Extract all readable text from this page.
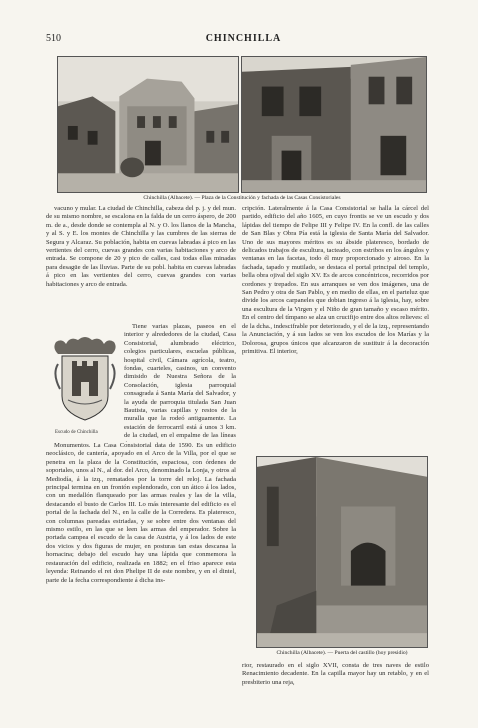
510	CHINCHILLA
Chinchilla (Albacete). — Plaza de la Constitución y fachada de las Casas Consistoriales

vacuno y mular. La ciudad de Chinchilla, cabeza del p. j. y del mun. de su mismo nombre, se escalona en la falda de un cerro áspero, de 200 m. de a., desde donde se contempla al N. y O. los llanos de la Mancha, y al S. y E. los montes de Chinchilla y las cumbres de las sierras de Segura y Alcaraz. Su población, habita en cuevas labradas á pico en las vertientes del cerro, cuevas grandes con varias habitaciones y arco de entrada. Se compone de 20 y pico de calles, casi todas ellas minadas para desagüe de las lluvias. Parte de su pobl. habita en cuevas labradas á pico en las vertientes del cerro, cuevas grandes con varias habitaciones y arco de entrada.

Escudo de Chinchilla

Tiene varias plazas, paseos en el interior y alrededores de la ciudad, Casa Consistorial, alumbrado eléctrico, colegios particulares, escuelas públicas, hospital civil, Cámara agrícola, teatro, fondas, cuarteles, casinos, un convento dimisido de Nuestra Señora de la Consolación, iglesia parroquial consagrada á Santa María del Salvador, y la ayuda de parroquia titulada San Juan Bautista, varias capillas y restos de la muralla que la rodeó antiguamente. La estación de ferrocarril está á unos 3 km. de la ciudad, en el empalme de las líneas

Monumentos. La Casa Consistorial data de 1590. Es un edificio neoclásico, de cantería, apoyado en el Arco de la Villa, por el que se penetra en la plaza de la Constitución, espaciosa, con órdenes de soportales, unos al N., al dor. del Arco, denominado la Lonja, y otros al Mediodía, á la izq., rematados por la torre del reloj. La fachada principal termina en un frontón esplendorado, con un ático á los lados, con un medallón flanqueado por las armas reales y las de la villa, destacando el busto de Carlos III. Lo más interesante del edificio es el portal de la fachada del N., en la calle de la Corredera. Es plateresco, con columnas pareadas estriadas, y se sobre entre dos ventanas del mismo estilo, en las que se leen las armas del emperador. Sobre la portada campea el escudo de la casa de Austria, y á los lados de este dos vicios y dos figuras de mujer, en posturas tan estas descansa la hornacina; debajo del escudo hay una lápida que conmemora la restauración del edificio, realizada en 1882; en el friso aparece esta leyenda: Reinando el rei don Phelipe II de este nombre, y en el dintel, parte de la fecha correspondiente á dicha ins-

cripción. Lateralmente á la Casa Consistorial se halla la cárcel del partido, edificio del año 1605, en cuyo frontis se ve un escudo y dos lápidas del tiempo de Felipe III y Felipe IV. En la confl. de las calles de San Blas y Obra Pía está la iglesia de Santa María del Salvador. Uno de sus mayores méritos es su ábside plateresco, bordado de delicados trabajos de escultura, tacteado, con estribos en los ángulos y ventanas en las facetas, todo él muy proporcionado y airoso. En la fachada, tapado y mutilado, se destaca el portal principal del templo, bella obra ojival del siglo XV. Es de arcos concéntricos, recorridos por cordones y trepados. En sus arranques se ven dos imágenes, una de San Pedro y otra de San Pablo, y en medio de ellas, en el parteluz que divide los arcos carpaneles que dobian ingreso á la iglesia, hay, sobre una escultura de la Virgen y el Niño de gran tamaño y escaso mérito. En el centro del tímpano se alza un crucifijo entre dos altos relieves: el de la dcha., indescifrable por deteriorado, y el de la izq., representando la Anunciación, y á sus lados se ven los escudos de los Marías y la Dolorosa, grupos únicos que alcanzaron de sustituir á la decoración primitiva. El interior,

Chinchilla (Albacete). — Puerta del castillo (hoy presidio)

rior, restaurado en el siglo XVII, consta de tres naves de estilo Renacimiento decadente. En la capilla mayor hay un retablo, y en el presbiterio una reja,
